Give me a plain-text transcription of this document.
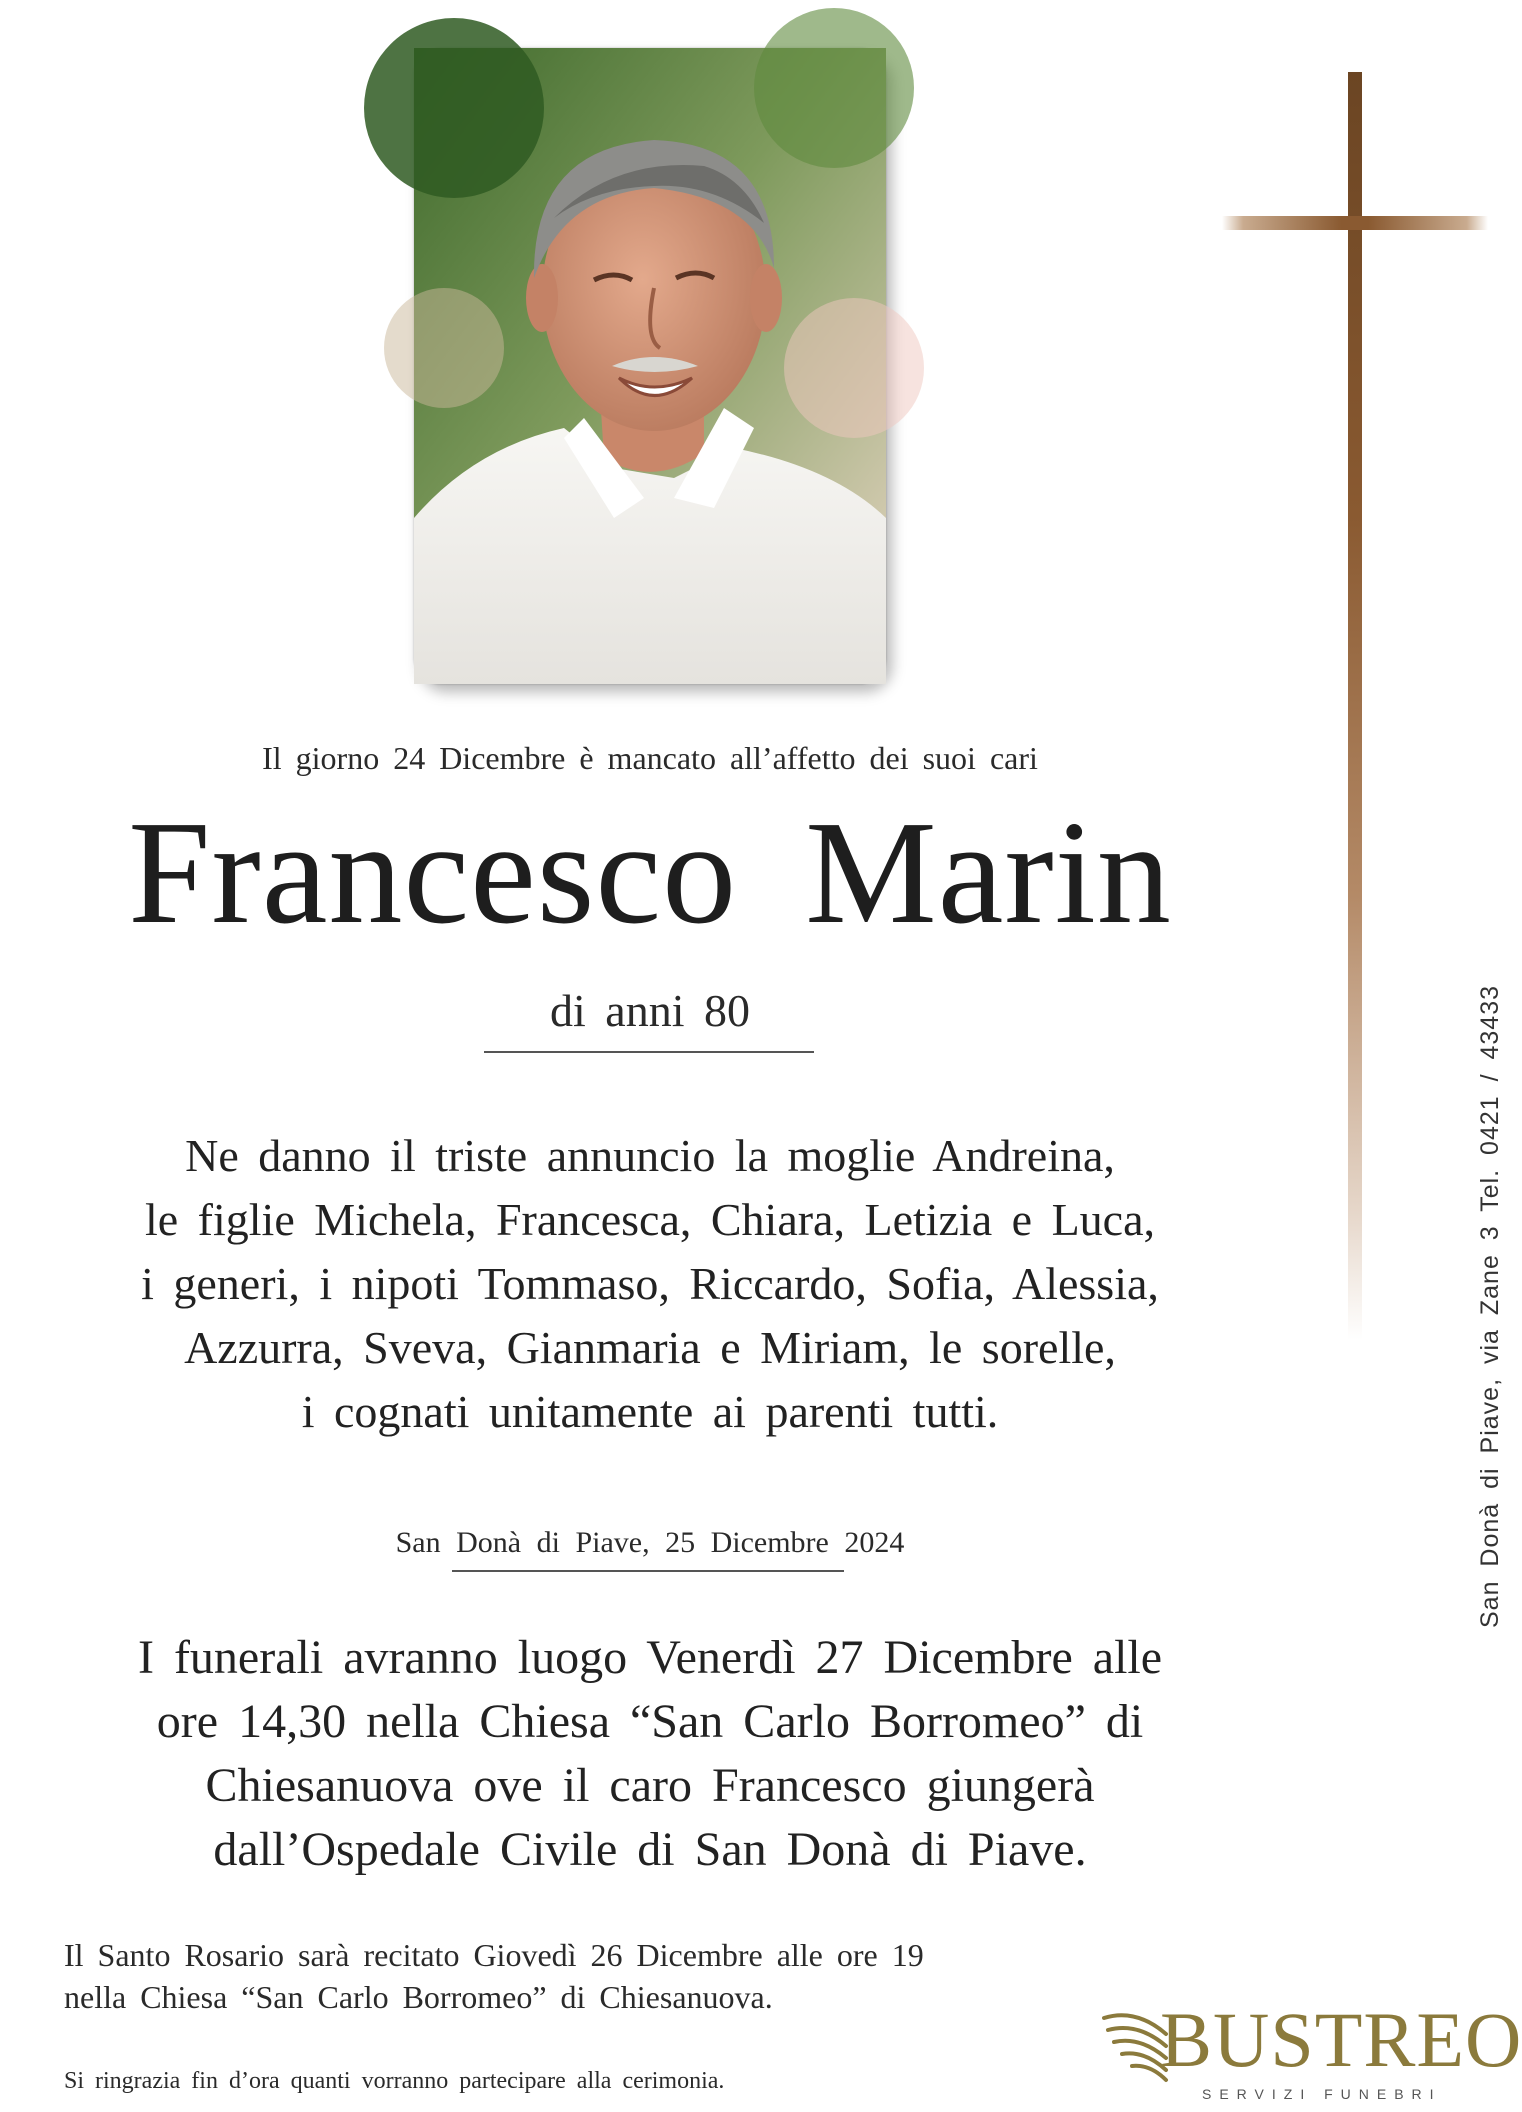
Il giorno 24 Dicembre è mancato all’affetto dei suoi cari
Francesco Marin
di anni 80
Ne danno il triste annuncio la moglie Andreina,
le figlie Michela, Francesca, Chiara, Letizia e Luca,
i generi, i nipoti Tommaso, Riccardo, Sofia, Alessia,
Azzurra, Sveva, Gianmaria e Miriam, le sorelle,
i cognati unitamente ai parenti tutti.
San Donà di Piave, 25 Dicembre 2024
I funerali avranno luogo Venerdì 27 Dicembre alle
ore 14,30 nella Chiesa “San Carlo Borromeo” di
Chiesanuova ove il caro Francesco giungerà
dall’Ospedale Civile di San Donà di Piave.
Il Santo Rosario sarà recitato Giovedì 26 Dicembre alle ore 19
nella Chiesa “San Carlo Borromeo” di Chiesanuova.
Si ringrazia fin d’ora quanti vorranno partecipare alla cerimonia.
San Donà di Piave, via Zane 3 Tel. 0421 / 43433
BUSTREO
SERVIZI FUNEBRI
